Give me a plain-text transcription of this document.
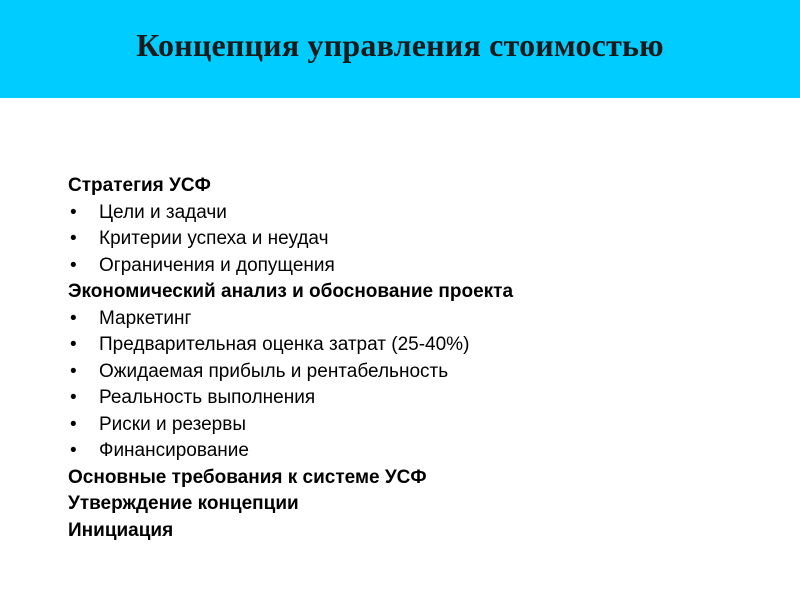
Концепция управления стоимостью
Стратегия УСФ
• Цели и задачи
• Критерии успеха и неудач
• Ограничения и допущения
Экономический анализ и обоснование проекта
• Маркетинг
• Предварительная оценка затрат (25-40%)
• Ожидаемая прибыль и рентабельность
• Реальность выполнения
• Риски и резервы
• Финансирование
Основные требования к системе УСФ
Утверждение концепции
Инициация
